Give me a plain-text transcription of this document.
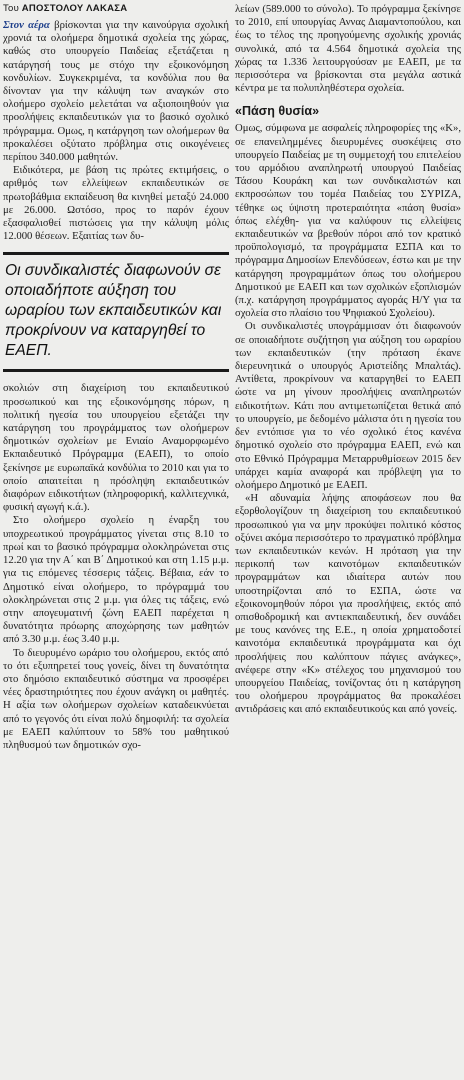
Του ΑΠΟΣΤΟΛΟΥ ΛΑΚΑΣΑ

Στον αέρα βρίσκονται για την καινούργια σχολική χρονιά τα ολοήμερα δημοτικά σχολεία της χώρας, καθώς στο υπουργείο Παιδείας εξετάζεται η κατάργησή τους με στόχο την εξοικονόμηση κονδυλίων. Συγκεκριμένα, τα κονδύλια που θα δίνονταν για την κάλυψη των αναγκών στο ολοήμερο σχολείο μελετάται να αξιοποιηθούν για προσλήψεις εκπαιδευτικών για το βασικό σχολικό πρόγραμμα. Ομως, η κατάργηση των ολοήμερων θα προκαλέσει οξύτατο πρόβλημα στις οικογένειες περίπου 340.000 μαθητών.

Ειδικότερα, με βάση τις πρώτες εκτιμήσεις, ο αριθμός των ελλείψεων εκπαιδευτικών σε πρωτοβάθμια εκπαίδευση θα κινηθεί μεταξύ 24.000 με 26.000. Ωστόσο, προς το παρόν έχουν εξασφαλισθεί πιστώσεις για την κάλυψη μόλις 12.000 θέσεων. Εξαιτίας των δυ-

Οι συνδικαλιστές διαφωνούν σε οποιαδήποτε αύξηση του ωραρίου των εκπαιδευτικών και προκρίνουν να καταργηθεί το ΕΑΕΠ.

σκολιών στη διαχείριση του εκπαιδευτικού προσωπικού και της εξοικονόμησης πόρων, η πολιτική ηγεσία του υπουργείου εξετάζει την κατάργηση του προγράμματος των ολοήμερων δημοτικών σχολείων με Ενιαίο Αναμορφωμένο Εκπαιδευτικό Πρόγραμμα (ΕΑΕΠ), το οποίο ξεκίνησε με ευρωπαϊκά κονδύλια το 2010 και για το οποίο απαιτείται η πρόσληψη εκπαιδευτικών διαφόρων ειδικοτήτων (πληροφορική, καλλιτεχνικά, φυσική αγωγή κ.ά.).

Στο ολοήμερο σχολείο η έναρξη του υποχρεωτικού προγράμματος γίνεται στις 8.10 το πρωί και το βασικό πρόγραμμα ολοκληρώνεται στις 12.20 για την Α΄ και Β΄ Δημοτικού και στη 1.15 μ.μ. για τις επόμενες τέσσερις τάξεις. Βέβαια, εάν το Δημοτικό είναι ολοήμερο, το πρόγραμμά του ολοκληρώνεται στις 2 μ.μ. για όλες τις τάξεις, ενώ στην απογευματινή ζώνη ΕΑΕΠ παρέχεται η δυνατότητα πρόωρης αποχώρησης των μαθητών από 3.30 μ.μ. έως 3.40 μ.μ.

Το διευρυμένο ωράριο του ολοήμερου, εκτός από το ότι εξυπηρετεί τους γονείς, δίνει τη δυνατότητα στο δημόσιο εκπαιδευτικό σύστημα να προσφέρει νέες δραστηριότητες που έχουν ανάγκη οι μαθητές. Η αξία των ολοήμερων σχολείων καταδεικνύεται από το γεγονός ότι είναι πολύ δημοφιλή: τα σχολεία με ΕΑΕΠ καλύπτουν το 58% του μαθητικού πληθυσμού των δημοτικών σχο-

λείων (589.000 το σύνολο). Το πρόγραμμα ξεκίνησε το 2010, επί υπουργίας Αννας Διαμαντοπούλου, και έως το τέλος της προηγούμενης σχολικής χρονιάς συνολικά, από τα 4.564 δημοτικά σχολεία της χώρας τα 1.336 λειτουργούσαν με ΕΑΕΠ, με τα περισσότερα να βρίσκονται στα μεγάλα αστικά κέντρα με τα πολυπληθέστερα σχολεία.

«Πάση θυσία»

Ομως, σύμφωνα με ασφαλείς πληροφορίες της «Κ», σε επανειλημμένες διευρυμένες συσκέψεις στο υπουργείο Παιδείας με τη συμμετοχή του επιτελείου του αρμόδιου αναπληρωτή υπουργού Παιδείας Τάσου Κουράκη και των συνδικαλιστών και εκπροσώπων του τομέα Παιδείας του ΣΥΡΙΖΑ, τέθηκε ως ύψιστη προτεραιότητα «πάση θυσία» όπως ελέχθη- για να καλύφουν τις ελλείψεις εκπαιδευτικών να βρεθούν πόροι από τον κρατικό προϋπολογισμό, τα προγράμματα ΕΣΠΑ και το πρόγραμμα Δημοσίων Επενδύσεων, έστω και με την κατάργηση προγραμμάτων όπως του ολοήμερου Δημοτικού με ΕΑΕΠ και των σχολικών εξοπλισμών (π.χ. κατάργηση προγράμματος αγοράς Η/Υ για τα σχολεία στο πλαίσιο του Ψηφιακού Σχολείου).

Οι συνδικαλιστές υπογράμμισαν ότι διαφωνούν σε οποιαδήποτε συζήτηση για αύξηση του ωραρίου των εκπαιδευτικών (την πρόταση έκανε διερευνητικά ο υπουργός Αριστείδης Μπαλτάς). Αντίθετα, προκρίνουν να καταργηθεί το ΕΑΕΠ ώστε να μη γίνουν προσλήψεις αναπληρωτών ειδικοτήτων. Κάτι που αντιμετωπίζεται θετικά από το υπουργείο, με δεδομένο μάλιστα ότι η ηγεσία του δεν εντόπισε για το νέο σχολικό έτος κανένα δημοτικό σχολείο στο πρόγραμμα ΕΑΕΠ, ενώ και στο Εθνικό Πρόγραμμα Μεταρρυθμίσεων 2015 δεν υπάρχει καμία αναφορά και πρόβλεψη για το ολοήμερο Δημοτικό με ΕΑΕΠ.

«Η αδυναμία λήψης αποφάσεων που θα εξορθολογίζουν τη διαχείριση του εκπαιδευτικού προσωπικού για να μην προκύψει πολιτικό κόστος οξύνει ακόμα περισσότερο το πραγματικό πρόβλημα των εκπαιδευτικών κενών. Η πρόταση για την περικοπή των καινοτόμων εκπαιδευτικών προγραμμάτων και ιδιαίτερα αυτών που υποστηρίζονται από το ΕΣΠΑ, ώστε να εξοικονομηθούν πόροι για προσλήψεις, εκτός από οπισθοδρομική και αντιεκπαιδευτική, δεν συνάδει με τους κανόνες της Ε.Ε., η οποία χρηματοδοτεί καινοτόμα εκπαιδευτικά προγράμματα και όχι προσλήψεις που καλύπτουν πάγιες ανάγκες», ανέφερε στην «Κ» στέλεχος του μηχανισμού του υπουργείου Παιδείας, τονίζοντας ότι η κατάργηση του ολοήμερου προγράμματος θα προκαλέσει αντιδράσεις και από εκπαιδευτικούς και από γονείς.
